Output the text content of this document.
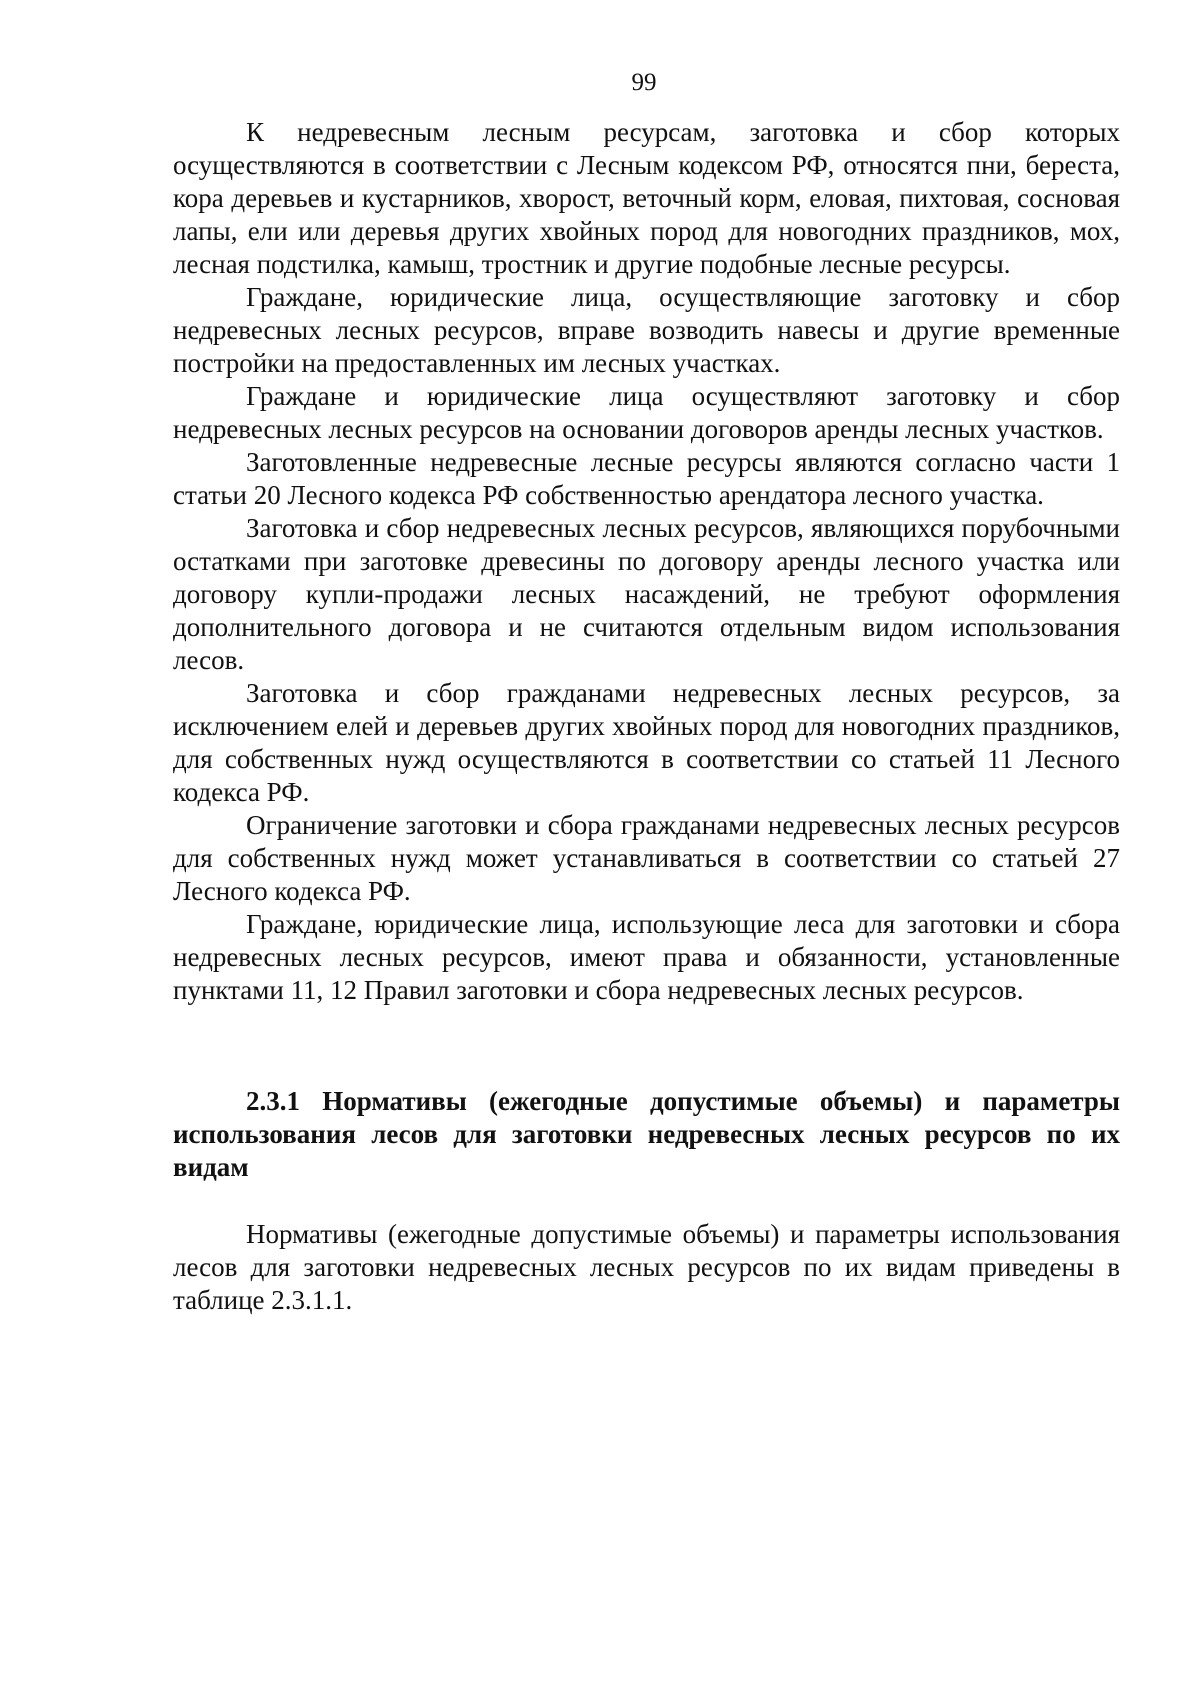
99

К недревесным лесным ресурсам, заготовка и сбор которых осуществляются в соответствии с Лесным кодексом РФ, относятся пни, береста, кора деревьев и кустарников, хворост, веточный корм, еловая, пихтовая, сосновая лапы, ели или деревья других хвойных пород для новогодних праздников, мох, лесная подстилка, камыш, тростник и другие подобные лесные ресурсы.

Граждане, юридические лица, осуществляющие заготовку и сбор недревесных лесных ресурсов, вправе возводить навесы и другие временные постройки на предоставленных им лесных участках.

Граждане и юридические лица осуществляют заготовку и сбор недревесных лесных ресурсов на основании договоров аренды лесных участков.

Заготовленные недревесные лесные ресурсы являются согласно части 1 статьи 20 Лесного кодекса РФ собственностью арендатора лесного участка.

Заготовка и сбор недревесных лесных ресурсов, являющихся порубочными остатками при заготовке древесины по договору аренды лесного участка или договору купли-продажи лесных насаждений, не требуют оформления дополнительного договора и не считаются отдельным видом использования лесов.

Заготовка и сбор гражданами недревесных лесных ресурсов, за исключением елей и деревьев других хвойных пород для новогодних праздников, для собственных нужд осуществляются в соответствии со статьей 11 Лесного кодекса РФ.

Ограничение заготовки и сбора гражданами недревесных лесных ресурсов для собственных нужд может устанавливаться в соответствии со статьей 27 Лесного кодекса РФ.

Граждане, юридические лица, использующие леса для заготовки и сбора недревесных лесных ресурсов, имеют права и обязанности, установленные пунктами 11, 12 Правил заготовки и сбора недревесных лесных ресурсов.

2.3.1 Нормативы (ежегодные допустимые объемы) и параметры использования лесов для заготовки недревесных лесных ресурсов по их видам

Нормативы (ежегодные допустимые объемы) и параметры использования лесов для заготовки недревесных лесных ресурсов по их видам приведены в таблице 2.3.1.1.
